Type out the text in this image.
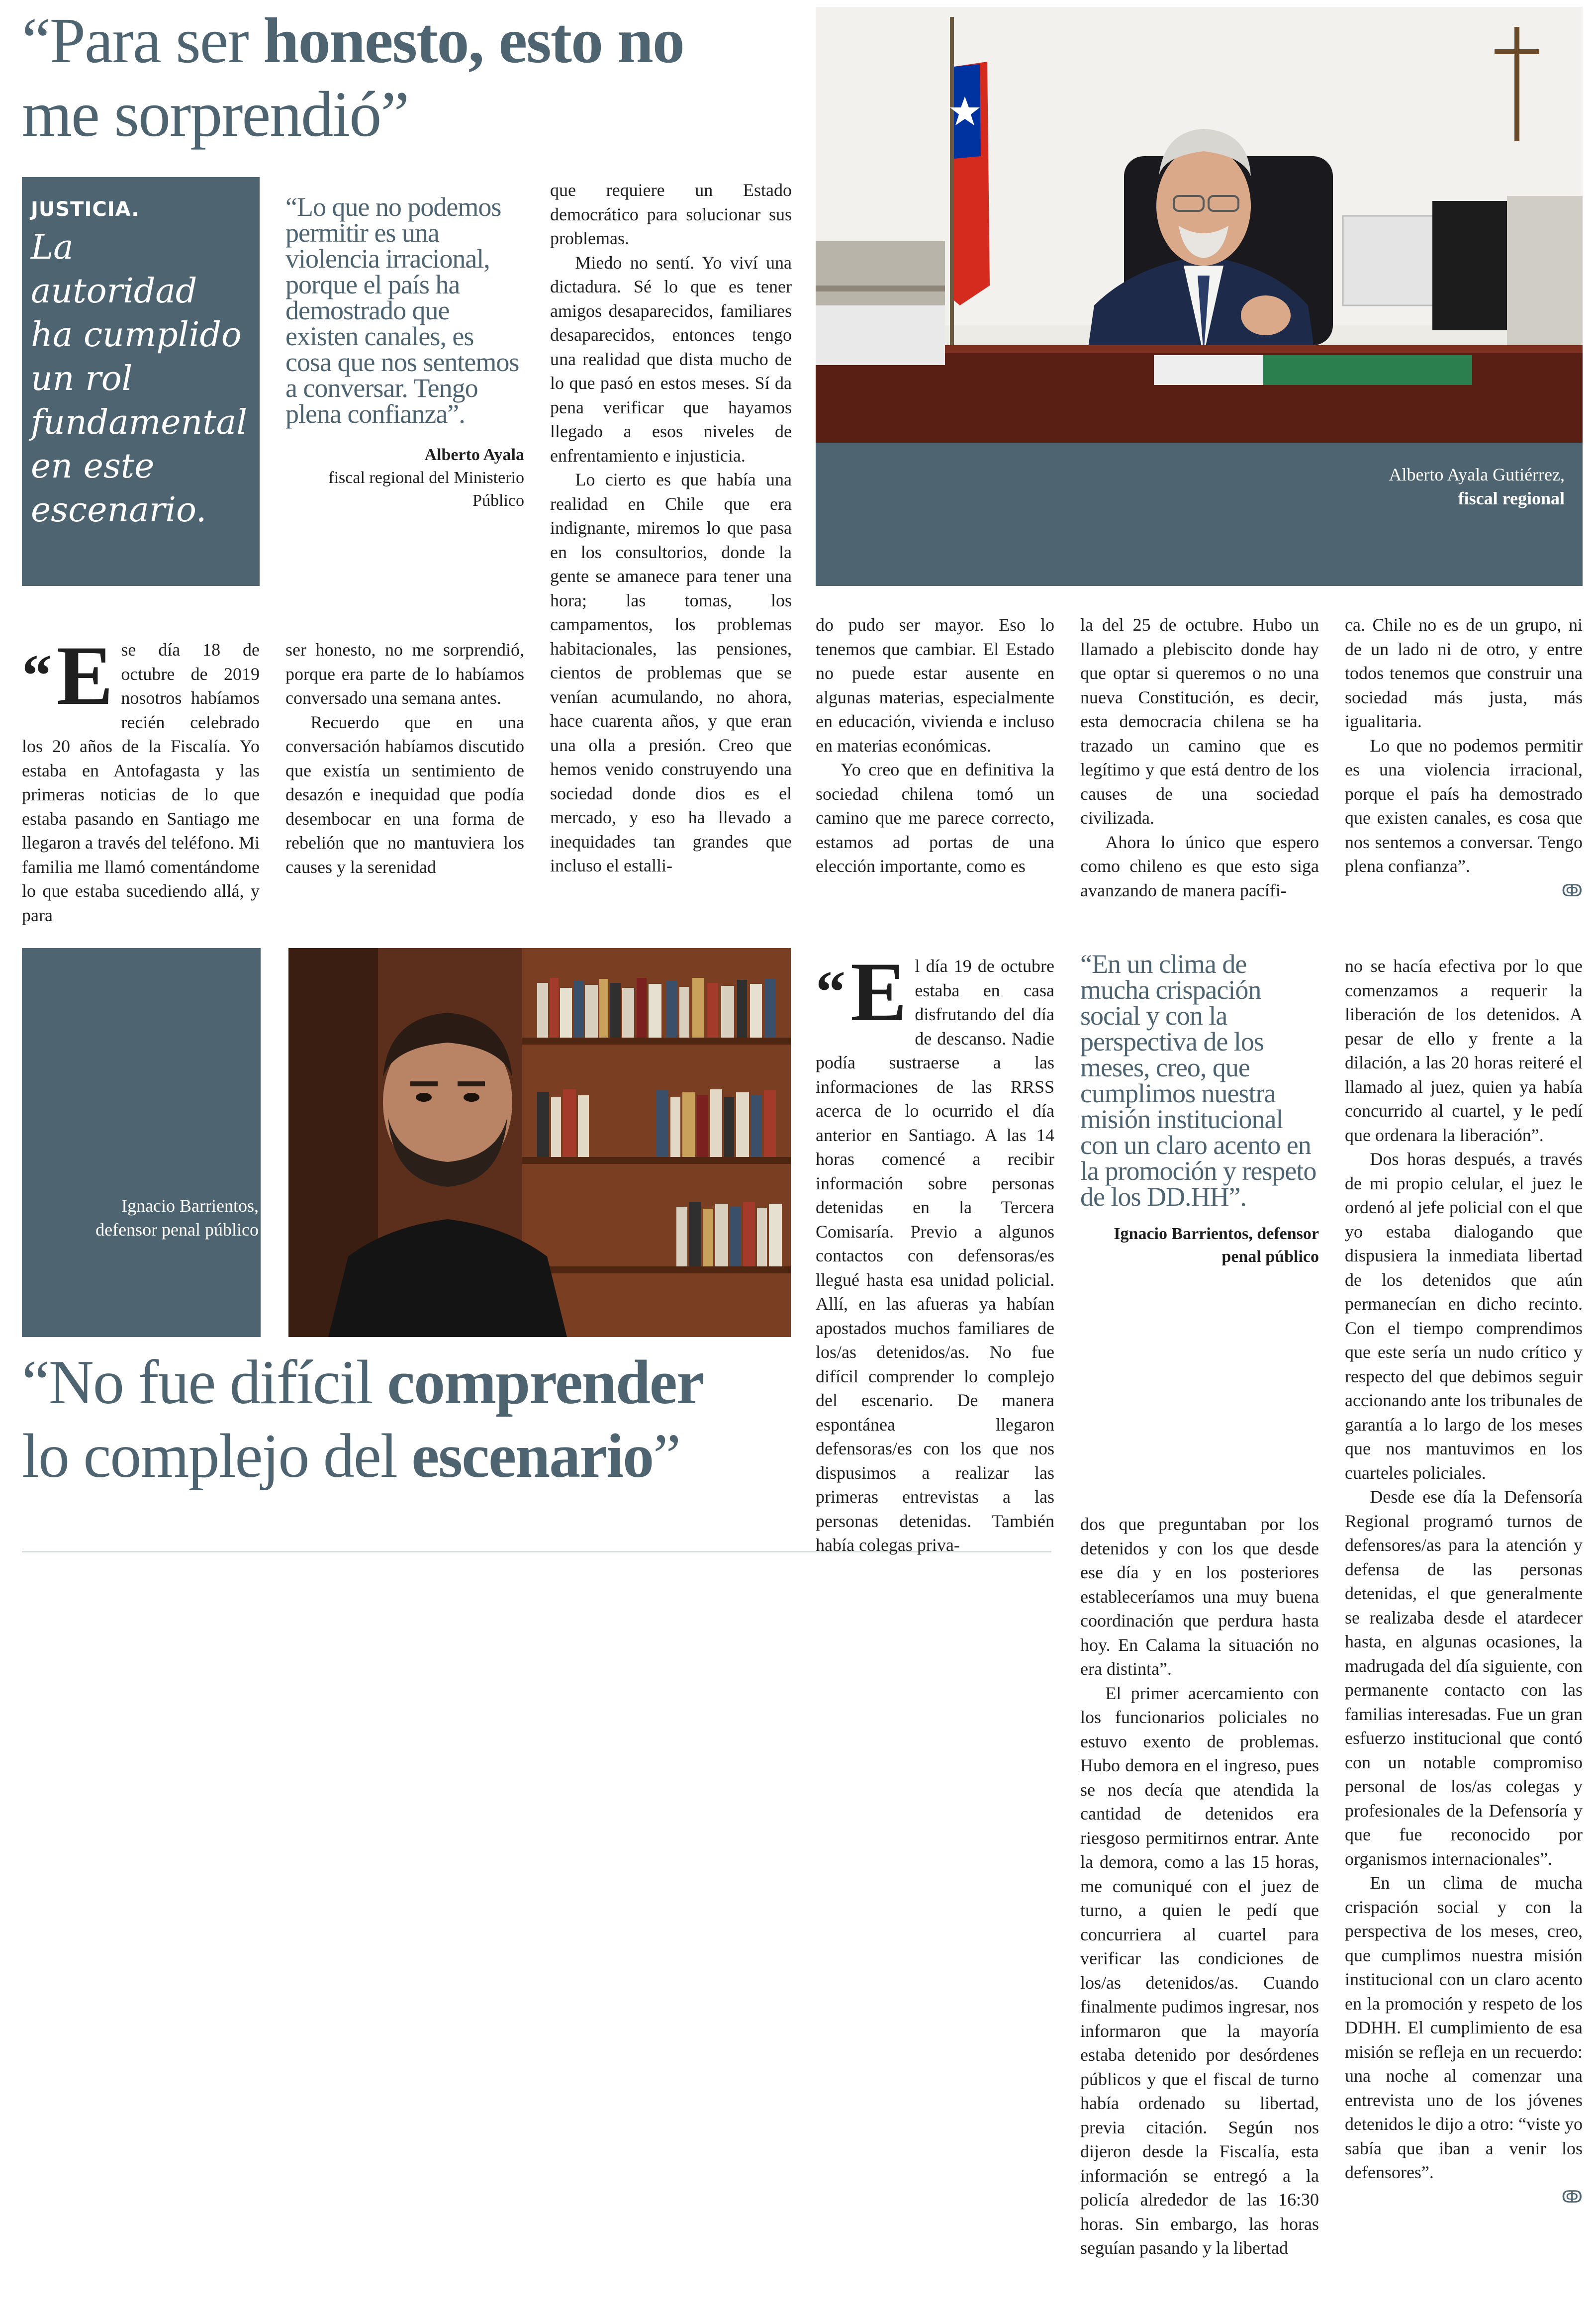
“Para ser honesto, esto no
me sorprendió”
JUSTICIA.
La autoridad ha cumplido un rol fundamental en este escenario.
“Lo que no podemos permitir es una violencia irracional, porque el país ha demostrado que existen canales, es cosa que nos sentemos a conversar. Tengo plena confianza”.
Alberto Ayala
fiscal regional del Ministerio Público
Alberto Ayala Gutiérrez,
fiscal regional
“E se día 18 de octubre de 2019 nosotros habíamos recién celebrado los 20 años de la Fiscalía. Yo estaba en Antofagasta y las primeras noticias de lo que estaba pasando en Santiago me llegaron a través del teléfono. Mi familia me llamó comentándome lo que estaba sucediendo allá, y para

ser honesto, no me sorprendió, porque era parte de lo habíamos conversado una semana antes.

Recuerdo que en una conversación habíamos discutido que existía un sentimiento de desazón e inequidad que podía desembocar en una forma de rebelión que no mantuviera los causes y la serenidad

que requiere un Estado democrático para solucionar sus problemas.

Miedo no sentí. Yo viví una dictadura. Sé lo que es tener amigos desaparecidos, familiares desaparecidos, entonces tengo una realidad que dista mucho de lo que pasó en estos meses. Sí da pena verificar que hayamos llegado a esos niveles de enfrentamiento e injusticia.

Lo cierto es que había una realidad en Chile que era indignante, miremos lo que pasa en los consultorios, donde la gente se amanece para tener una hora; las tomas, los campamentos, los problemas habitacionales, las pensiones, cientos de problemas que se venían acumulando, no ahora, hace cuarenta años, y que eran una olla a presión. Creo que hemos venido construyendo una sociedad donde dios es el mercado, y eso ha llevado a inequidades tan grandes que incluso el estalli-

do pudo ser mayor. Eso lo tenemos que cambiar. El Estado no puede estar ausente en algunas materias, especialmente en educación, vivienda e incluso en materias económicas.

Yo creo que en definitiva la sociedad chilena tomó un camino que me parece correcto, estamos ad portas de una elección importante, como es

la del 25 de octubre. Hubo un llamado a plebiscito donde hay que optar si queremos o no una nueva Constitución, es decir, esta democracia chilena se ha trazado un camino que es legítimo y que está dentro de los causes de una sociedad civilizada.

Ahora lo único que espero como chileno es que esto siga avanzando de manera pacífi-

ca. Chile no es de un grupo, ni de un lado ni de otro, y entre todos tenemos que construir una sociedad más justa, más igualitaria.

Lo que no podemos permitir es una violencia irracional, porque el país ha demostrado que existen canales, es cosa que nos sentemos a conversar. Tengo plena confianza”.

ↂ
Ignacio Barrientos,
defensor penal público
“No fue difícil comprender
lo complejo del escenario”
“E l día 19 de octubre estaba en casa disfrutando del día de descanso. Nadie podía sustraerse a las informaciones de las RRSS acerca de lo ocurrido el día anterior en Santiago. A las 14 horas comencé a recibir información sobre personas detenidas en la Tercera Comisaría. Previo a algunos contactos con defensoras/es llegué hasta esa unidad policial. Allí, en las afueras ya habían apostados muchos familiares de los/as detenidos/as. No fue difícil comprender lo complejo del escenario. De manera espontánea llegaron defensoras/es con los que nos dispusimos a realizar las primeras entrevistas a las personas detenidas. También había colegas priva-
“En un clima de mucha crispación social y con la perspectiva de los meses, creo, que cumplimos nuestra misión institucional con un claro acento en la promoción y respeto de los DD.HH”.
Ignacio Barrientos, defensor
penal público

dos que preguntaban por los detenidos y con los que desde ese día y en los posteriores estableceríamos una muy buena coordinación que perdura hasta hoy. En Calama la situación no era distinta”.

El primer acercamiento con los funcionarios policiales no estuvo exento de problemas. Hubo demora en el ingreso, pues se nos decía que atendida la cantidad de detenidos era riesgoso permitirnos entrar. Ante la demora, como a las 15 horas, me comuniqué con el juez de turno, a quien le pedí que concurriera al cuartel para verificar las condiciones de los/as detenidos/as. Cuando finalmente pudimos ingresar, nos informaron que la mayoría estaba detenido por desórdenes públicos y que el fiscal de turno había ordenado su libertad, previa citación. Según nos dijeron desde la Fiscalía, esta información se entregó a la policía alrededor de las 16:30 horas. Sin embargo, las horas seguían pasando y la libertad

no se hacía efectiva por lo que comenzamos a requerir la liberación de los detenidos. A pesar de ello y frente a la dilación, a las 20 horas reiteré el llamado al juez, quien ya había concurrido al cuartel, y le pedí que ordenara la liberación”.

Dos horas después, a través de mi propio celular, el juez le ordenó al jefe policial con el que yo estaba dialogando que dispusiera la inmediata libertad de los detenidos que aún permanecían en dicho recinto. Con el tiempo comprendimos que este sería un nudo crítico y respecto del que debimos seguir accionando ante los tribunales de garantía a lo largo de los meses que nos mantuvimos en los cuarteles policiales.

Desde ese día la Defensoría Regional programó turnos de defensores/as para la atención y defensa de las personas detenidas, el que generalmente se realizaba desde el atardecer hasta, en algunas ocasiones, la madrugada del día siguiente, con permanente contacto con las familias interesadas. Fue un gran esfuerzo institucional que contó con un notable compromiso personal de los/as colegas y profesionales de la Defensoría y que fue reconocido por organismos internacionales”.

En un clima de mucha crispación social y con la perspectiva de los meses, creo, que cumplimos nuestra misión institucional con un claro acento en la promoción y respeto de los DDHH. El cumplimiento de esa misión se refleja en un recuerdo: una noche al comenzar una entrevista uno de los jóvenes detenidos le dijo a otro: “viste yo sabía que iban a venir los defensores”.

ↂ
